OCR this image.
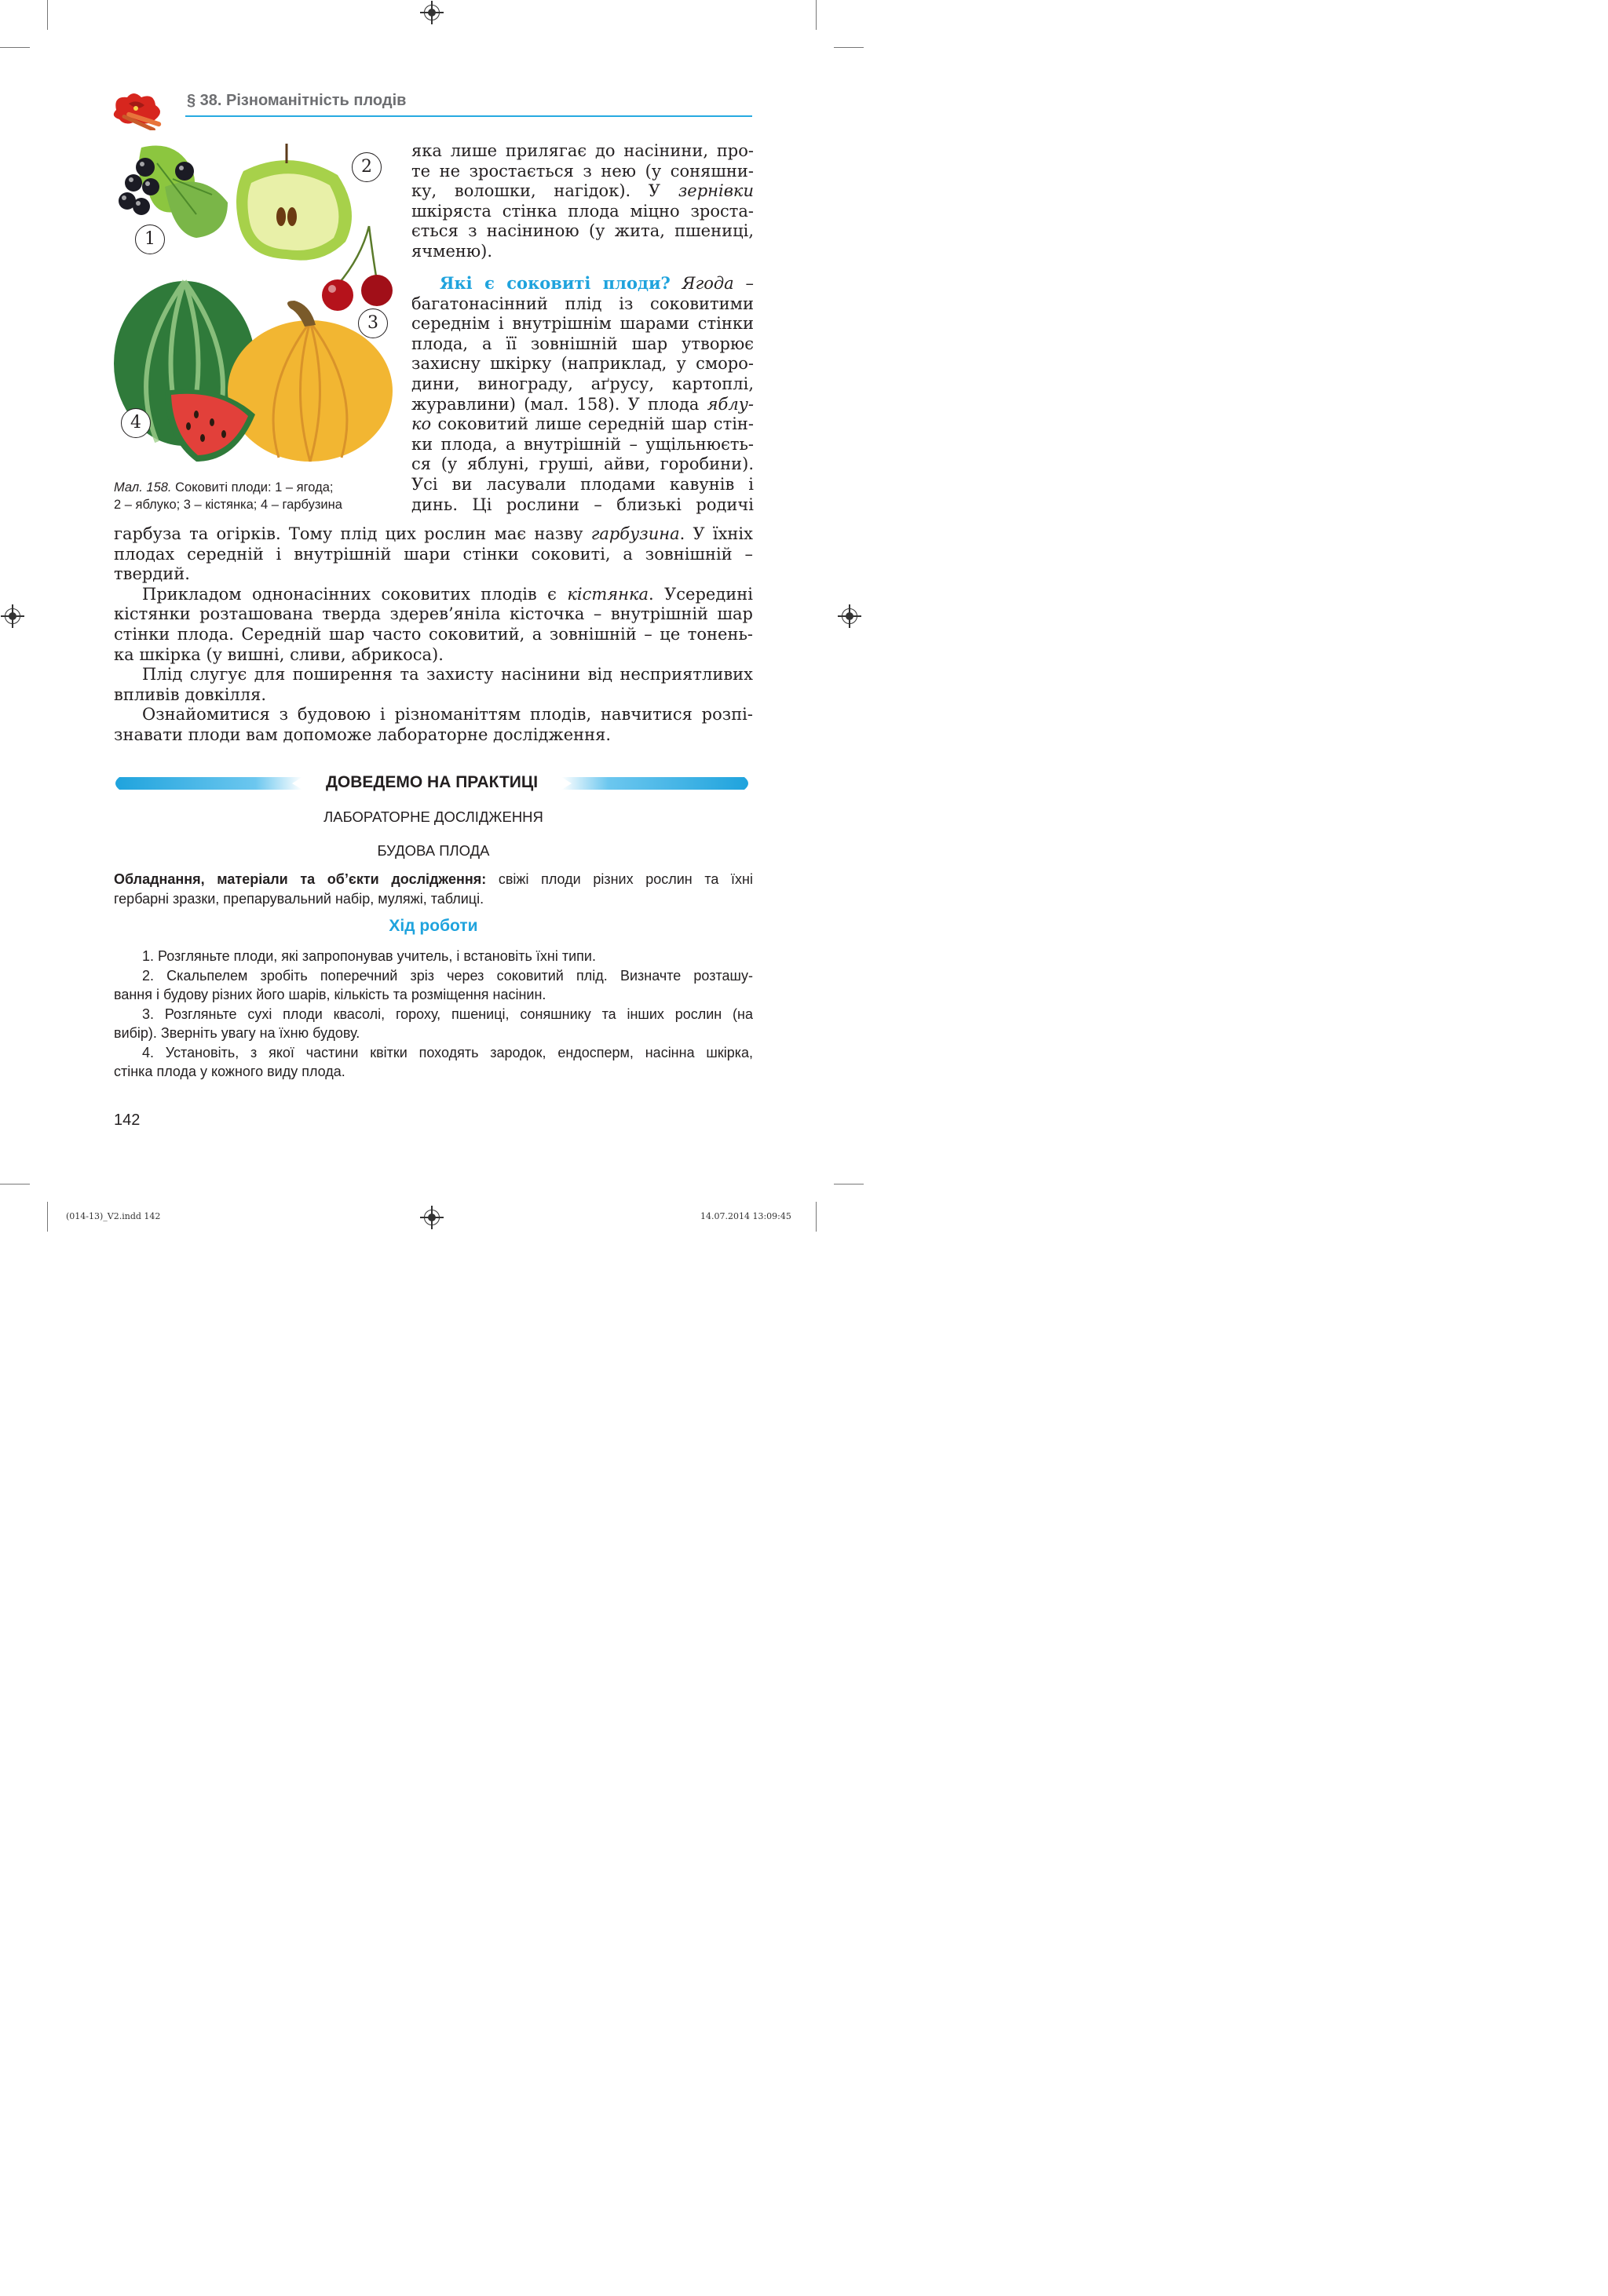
§ 38. Різноманітність плодів
1
2
3
4
Мал. 158. Соковиті плоди: 1 – ягода;
2 – яблуко; 3 – кістянка; 4 – гарбузина

яка лише прилягає до насінини, про-

те не зростається з нею (у соняшни-

ку, волошки, нагідок). У зернівки

шкіряста стінка плода міцно зроста-

ється з насіниною (у жита, пшениці,

ячменю).

Які є соковиті плоди? Ягода –

багатонасінний плід із соковитими

середнім і внутрішнім шарами стінки

плода, а її зовнішній шар утворює

захисну шкірку (наприклад, у сморо-

дини, винограду, аґрусу, картоплі,

журавлини) (мал. 158). У плода яблу-

ко соковитий лише середній шар стін-

ки плода, а внутрішній – ущільнюєть-

ся (у яблуні, груші, айви, горобини).

Усі ви ласували плодами кавунів і

динь. Ці рослини – близькі родичі

гарбуза та огірків. Тому плід цих рослин має назву гарбузина. У їхніх

плодах середній і внутрішній шари стінки соковиті, а зовнішній –

твердий.

Прикладом однонасінних соковитих плодів є кістянка. Усередині

кістянки розташована тверда здерев’яніла кісточка – внутрішній шар

стінки плода. Середній шар часто соковитий, а зовнішній – це тонень-

ка шкірка (у вишні, сливи, абрикоса).

Плід слугує для поширення та захисту насінини від несприятливих

впливів довкілля.

Ознайомитися з будовою і різноманіттям плодів, навчитися розпі-

знавати плоди вам допоможе лабораторне дослідження.

ДОВЕДЕМО НА ПРАКТИЦІ
ЛАБОРАТОРНЕ ДОСЛІДЖЕННЯ
БУДОВА ПЛОДА
Обладнання, матеріали та об’єкти дослідження: свіжі плоди різних рослин та їхні
гербарні зразки, препарувальний набір, муляжі, таблиці.
Хід роботи
1. Розгляньте плоди, які запропонував учитель, і встановіть їхні типи.
2. Скальпелем зробіть поперечний зріз через соковитий плід. Визначте розташу-
вання і будову різних його шарів, кількість та розміщення насінин.
3. Розгляньте сухі плоди квасолі, гороху, пшениці, соняшнику та інших рослин (на
вибір). Зверніть увагу на їхню будову.
4. Установіть, з якої частини квітки походять зародок, ендосперм, насінна шкірка,
стінка плода у кожного виду плода.
142
(014-13)_V2.indd 142	14.07.2014 13:09:45
